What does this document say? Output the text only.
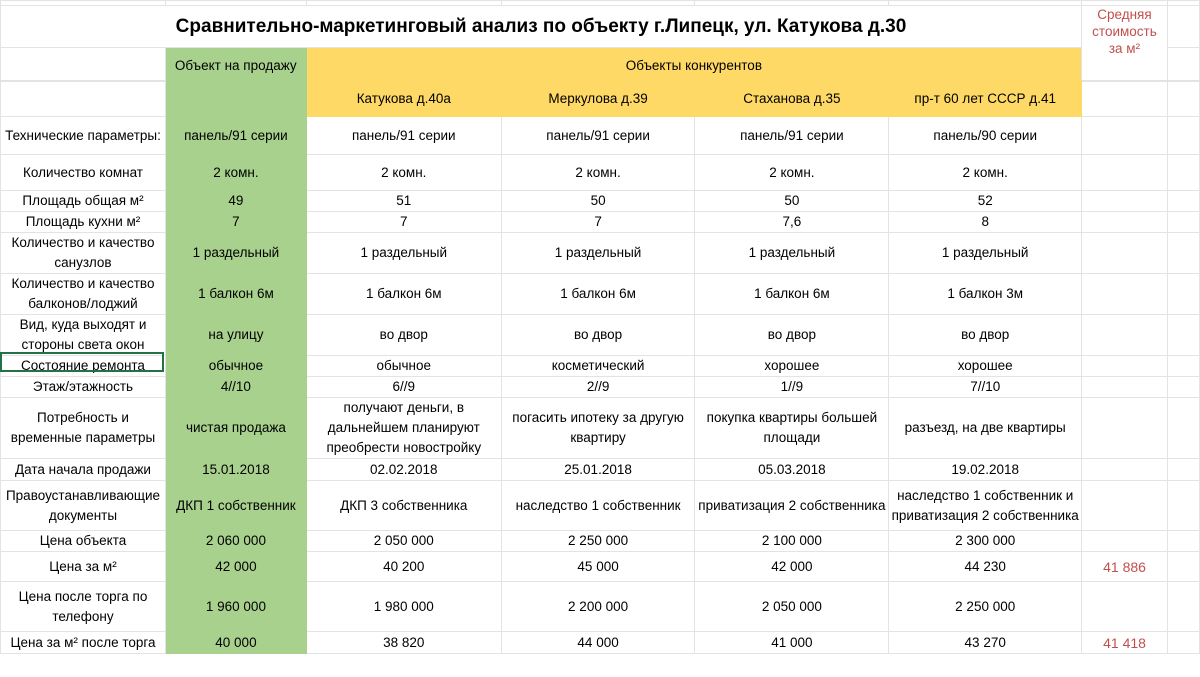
Сравнительно-маркетинговый анализ по объекту г.Липецк, ул. Катукова д.30						Средняя стоимость за м²	
	Объект на продажу	Объекты конкурентов					

		Катукова д.40а	Меркулова д.39	Стаханова д.35	пр-т 60 лет СССР д.41		
Технические параметры:	панель/91 серии	панель/91 серии	панель/91 серии	панель/91 серии	панель/90 серии		
Количество комнат	2 комн.	2 комн.	2 комн.	2 комн.	2 комн.		
Площадь общая м²	49	51	50	50	52		
Площадь кухни м²	7	7	7	7,6	8		
Количество и качество санузлов	1 раздельный	1 раздельный	1 раздельный	1 раздельный	1 раздельный		
Количество и качество балконов/лоджий	1 балкон 6м	1 балкон 6м	1 балкон 6м	1 балкон 6м	1 балкон 3м		
Вид, куда выходят и стороны света окон	на улицу	во двор	во двор	во двор	во двор		
Состояние ремонта	обычное	обычное	косметический	хорошее	хорошее		
Этаж/этажность	4//10	6//9	2//9	1//9	7//10		
Потребность и временные параметры	чистая продажа	получают деньги, в дальнейшем планируют преобрести новостройку	погасить ипотеку за другую квартиру	покупка квартиры большей площади	разъезд, на две квартиры		
Дата начала продажи	15.01.2018	02.02.2018	25.01.2018	05.03.2018	19.02.2018		
Правоустанавливающие документы	ДКП 1 собственник	ДКП 3 собственника	наследство 1 собственник	приватизация 2 собственника	наследство 1 собственник и приватизация 2 собственника		
Цена объекта	2 060 000	2 050 000	2 250 000	2 100 000	2 300 000		
Цена за м²	42 000	40 200	45 000	42 000	44 230	41 886	
Цена после торга по телефону	1 960 000	1 980 000	2 200 000	2 050 000	2 250 000		
Цена за м² после торга	40 000	38 820	44 000	41 000	43 270	41 418	
